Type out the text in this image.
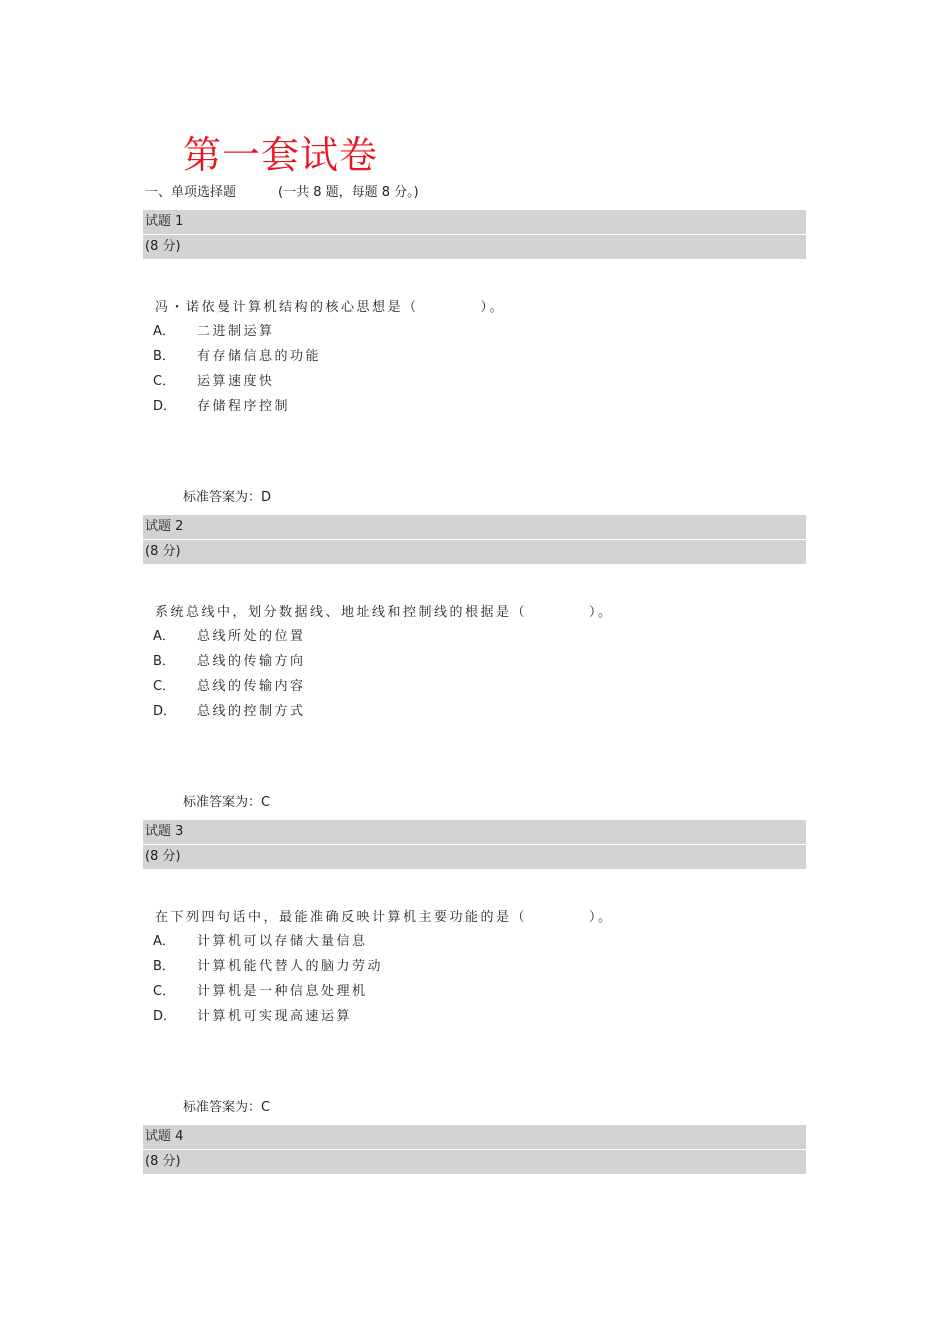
第一套试卷
一、单项选择题	(一共 8 题，每题 8 分。)
试题 1
(8 分)
冯・诺依曼计算机结构的核心思想是（	）。
A． 二进制运算
B． 有存储信息的功能
C． 运算速度快
D． 存储程序控制
标准答案为：D
试题 2
(8 分)
系统总线中，划分数据线、地址线和控制线的根据是（	）。
A． 总线所处的位置
B． 总线的传输方向
C． 总线的传输内容
D． 总线的控制方式
标准答案为：C
试题 3
(8 分)
在下列四句话中，最能准确反映计算机主要功能的是（	）。
A． 计算机可以存储大量信息
B． 计算机能代替人的脑力劳动
C． 计算机是一种信息处理机
D． 计算机可实现高速运算
标准答案为：C
试题 4
(8 分)
